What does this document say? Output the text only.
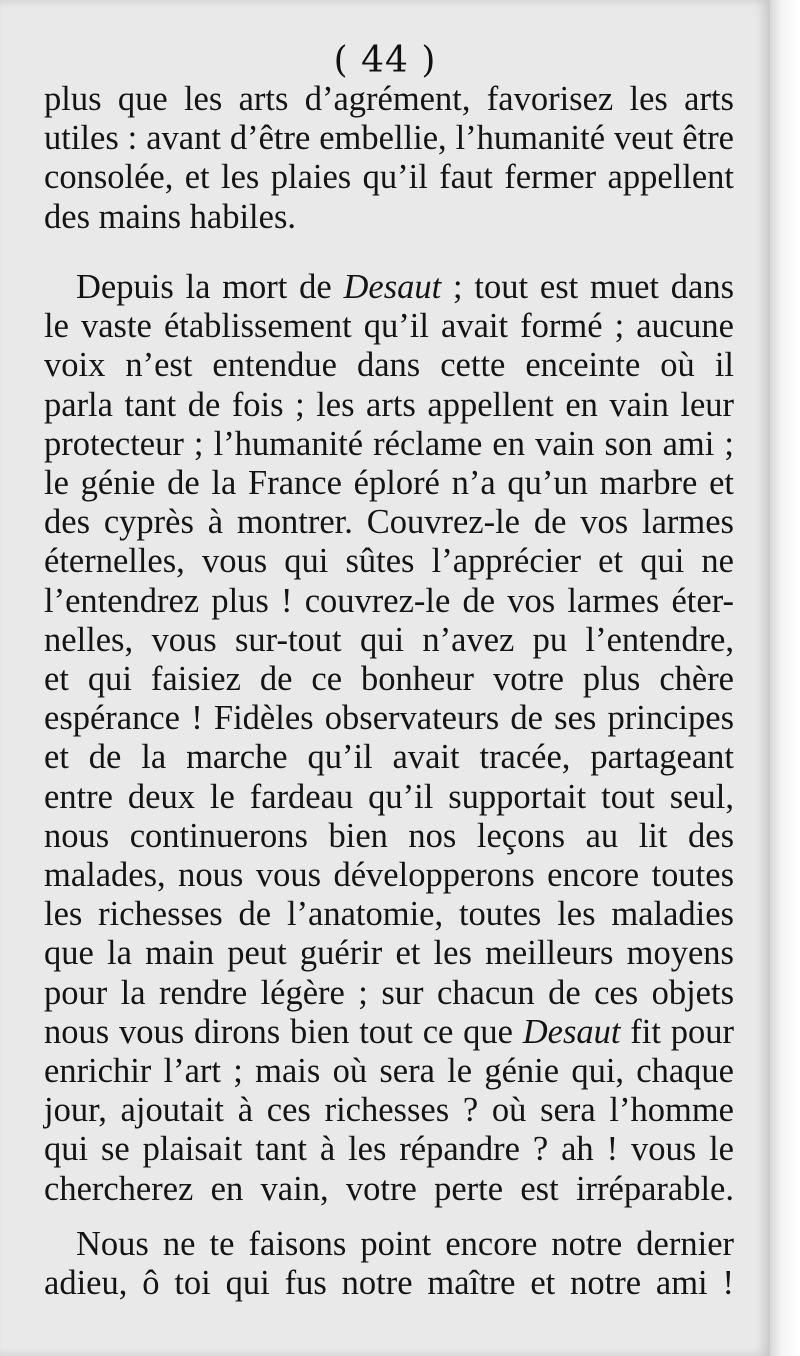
( 44 )
plus que les arts d’agrément, favorisez les arts
utiles : avant d’être embellie, l’humanité veut être
consolée, et les plaies qu’il faut fermer appellent
des mains habiles.
Depuis la mort de Desaut ; tout est muet dans
le vaste établissement qu’il avait formé ; aucune
voix n’est entendue dans cette enceinte où il
parla tant de fois ; les arts appellent en vain leur
protecteur ; l’humanité réclame en vain son ami ;
le génie de la France éploré n’a qu’un marbre et
des cyprès à montrer. Couvrez-le de vos larmes
éternelles, vous qui sûtes l’apprécier et qui ne
l’entendrez plus ! couvrez-le de vos larmes éter-
nelles, vous sur-tout qui n’avez pu l’entendre,
et qui faisiez de ce bonheur votre plus chère
espérance ! Fidèles observateurs de ses principes
et de la marche qu’il avait tracée, partageant
entre deux le fardeau qu’il supportait tout seul,
nous continuerons bien nos leçons au lit des
malades, nous vous développerons encore toutes
les richesses de l’anatomie, toutes les maladies
que la main peut guérir et les meilleurs moyens
pour la rendre légère ; sur chacun de ces objets
nous vous dirons bien tout ce que Desaut fit pour
enrichir l’art ; mais où sera le génie qui, chaque
jour, ajoutait à ces richesses ? où sera l’homme
qui se plaisait tant à les répandre ? ah ! vous le
chercherez en vain, votre perte est irréparable.
Nous ne te faisons point encore notre dernier
adieu, ô toi qui fus notre maître et notre ami !
